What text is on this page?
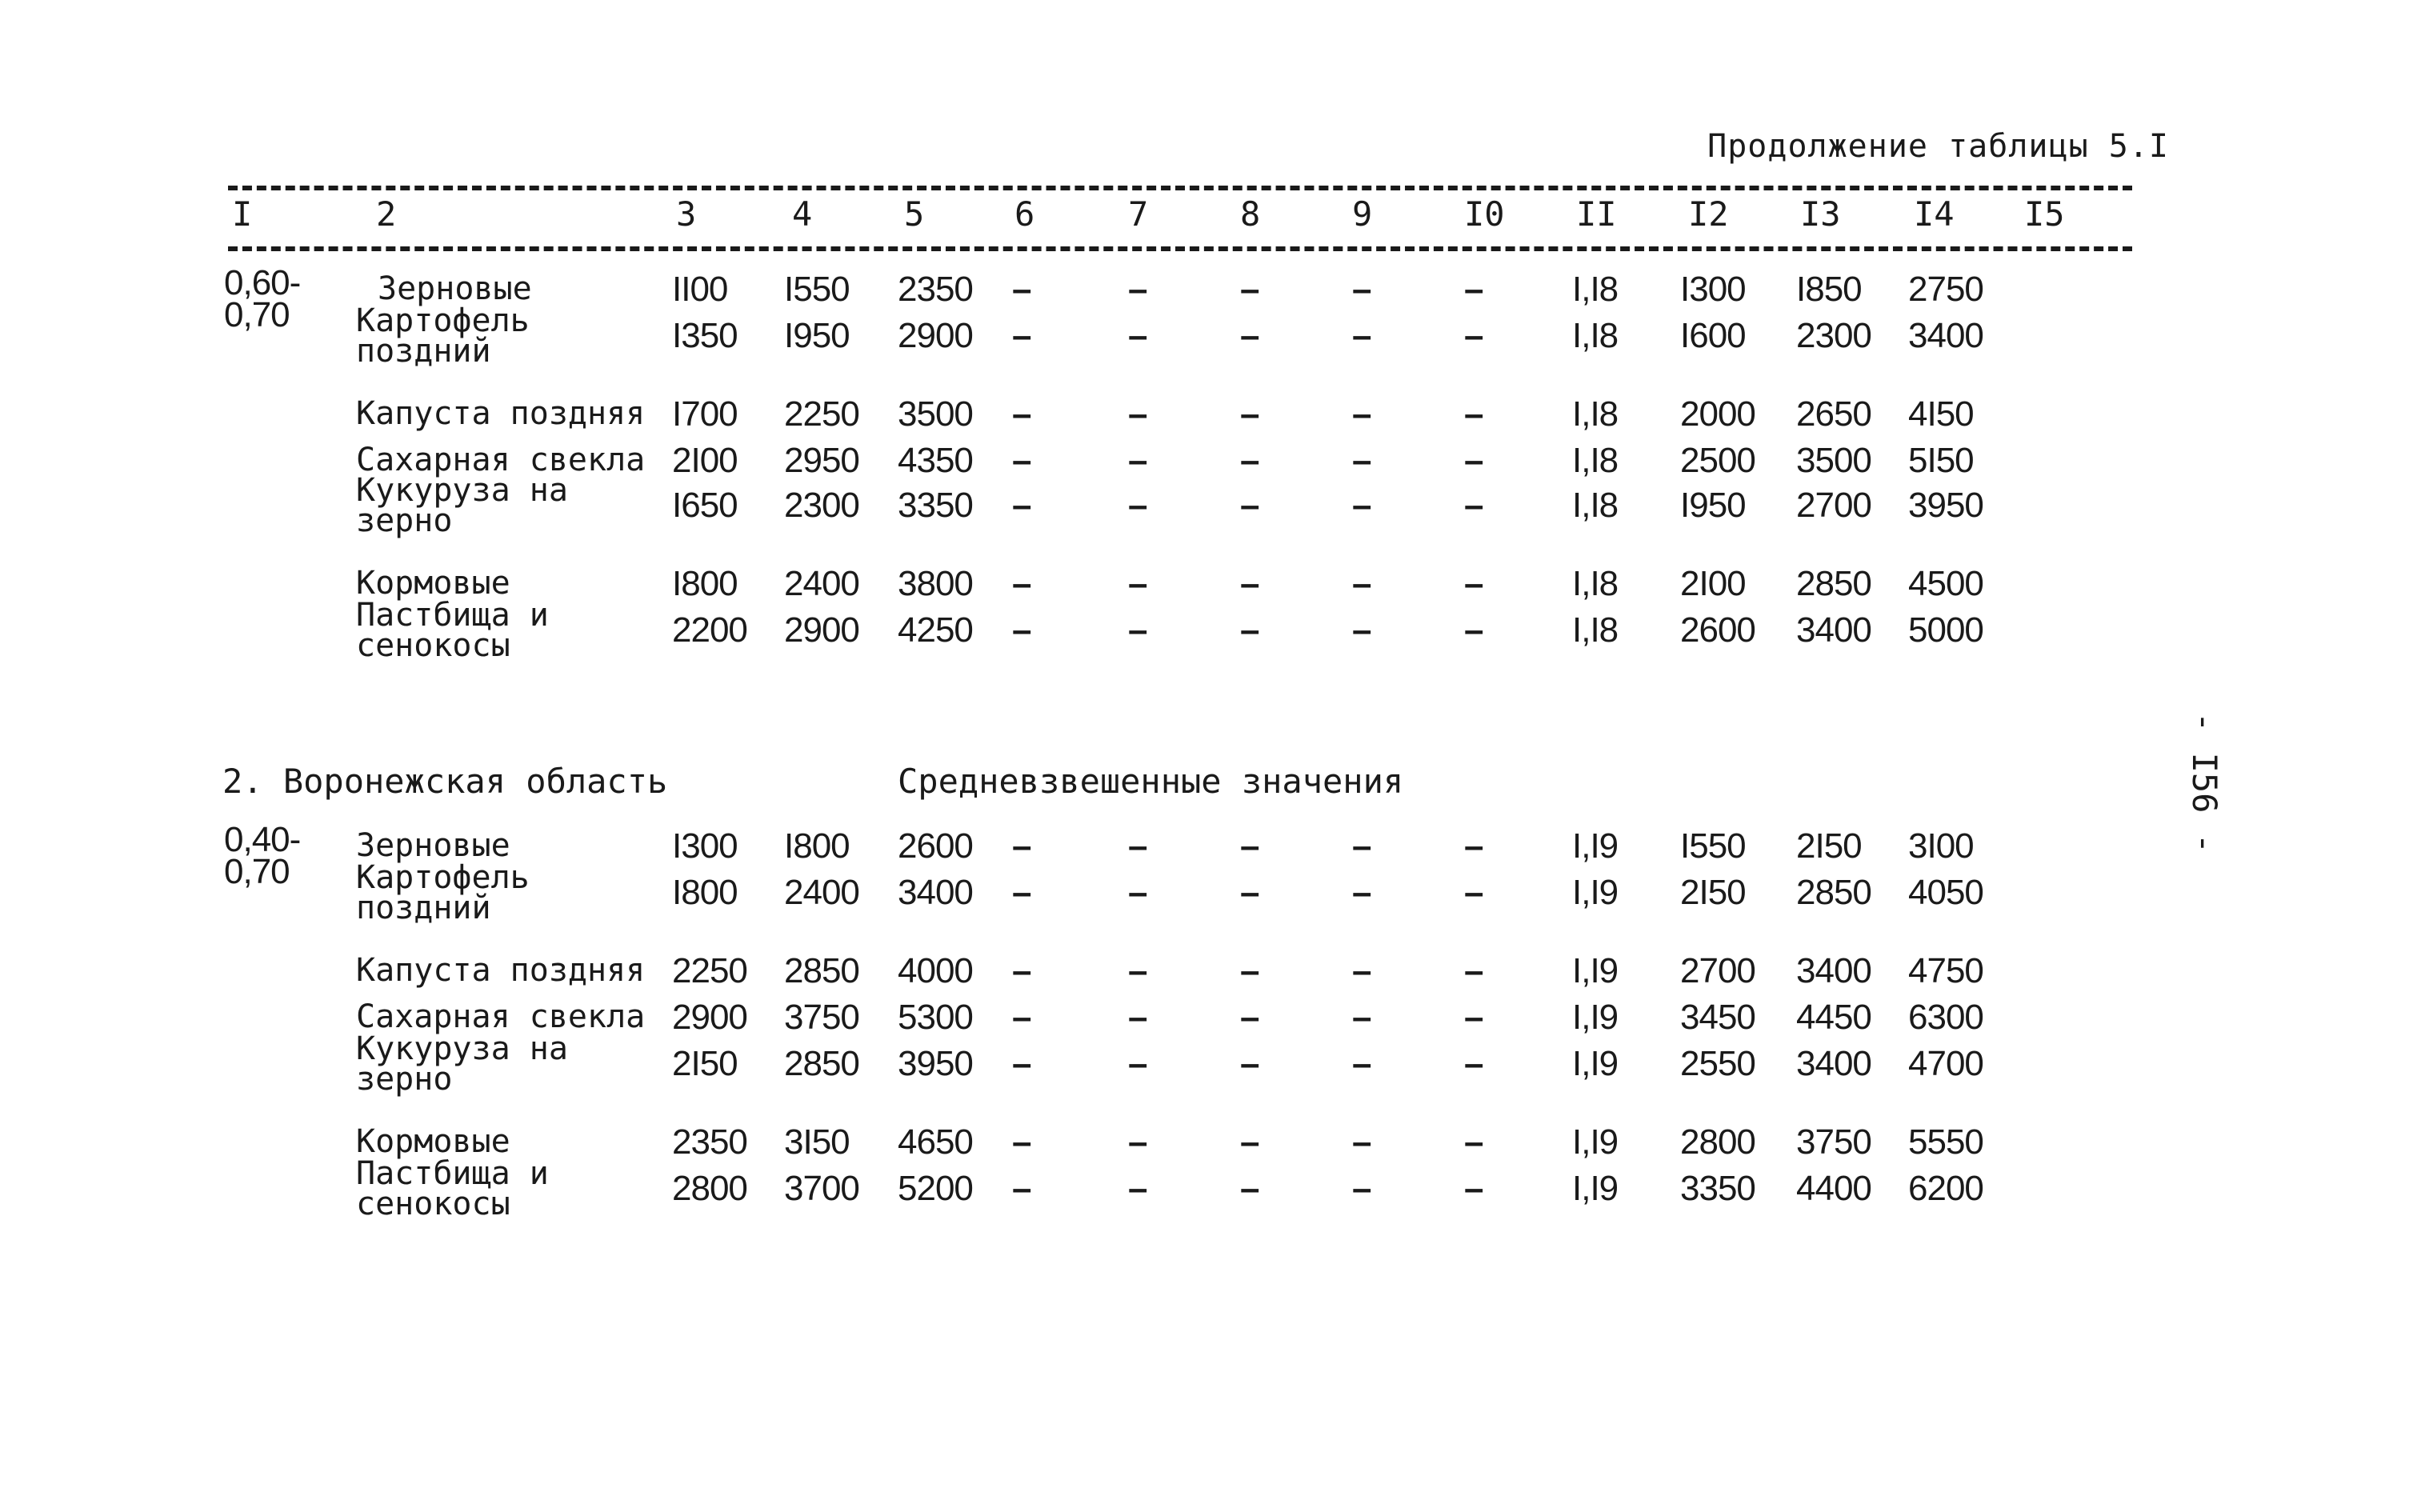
Продолжение таблицы 5.I
I	2	3	4	5	6	7	8	9	I0 II I2 I3 I4 I5
0,60-
0,70
Зерновые	II00 I550 2350 –	–	–	–	–	I,I8 I300 I850 2750
Картофель
поздний	I350 I950 2900 –	–	–	–	–	I,I8 I600 2300 3400
Капуста поздняя I700 2250 3500 –	–	–	–	–	I,I8 2000 2650 4I50
Сахарная свекла 2I00 2950 4350 –	–	–	–	–	I,I8 2500 3500 5I50
Кукуруза на
зерно	I650 2300 3350 –	–	–	–	–	I,I8 I950 2700 3950
Кормовые	I800 2400 3800 –	–	–	–	–	I,I8 2I00 2850 4500
Пастбища и
сенокосы	2200 2900 4250 –	–	–	–	–	I,I8 2600 3400 5000
2. Воронежская область	Средневзвешенные значения
0,40-
0,70
Зерновые	I300 I800 2600 –	–	–	–	–	I,I9 I550 2I50 3I00
Картофель
поздний	I800 2400 3400 –	–	–	–	–	I,I9 2I50 2850 4050
Капуста поздняя 2250 2850 4000 –	–	–	–	–	I,I9 2700 3400 4750
Сахарная свекла 2900 3750 5300 –	–	–	–	–	I,I9 3450 4450 6300
Кукуруза на
зерно	2I50 2850 3950 –	–	–	–	–	I,I9 2550 3400 4700
Кормовые	2350 3I50 4650 –	–	–	–	–	I,I9 2800 3750 5550
Пастбища и
сенокосы	2800 3700 5200 –	–	–	–	–	I,I9 3350 4400 6200
- I56 -
